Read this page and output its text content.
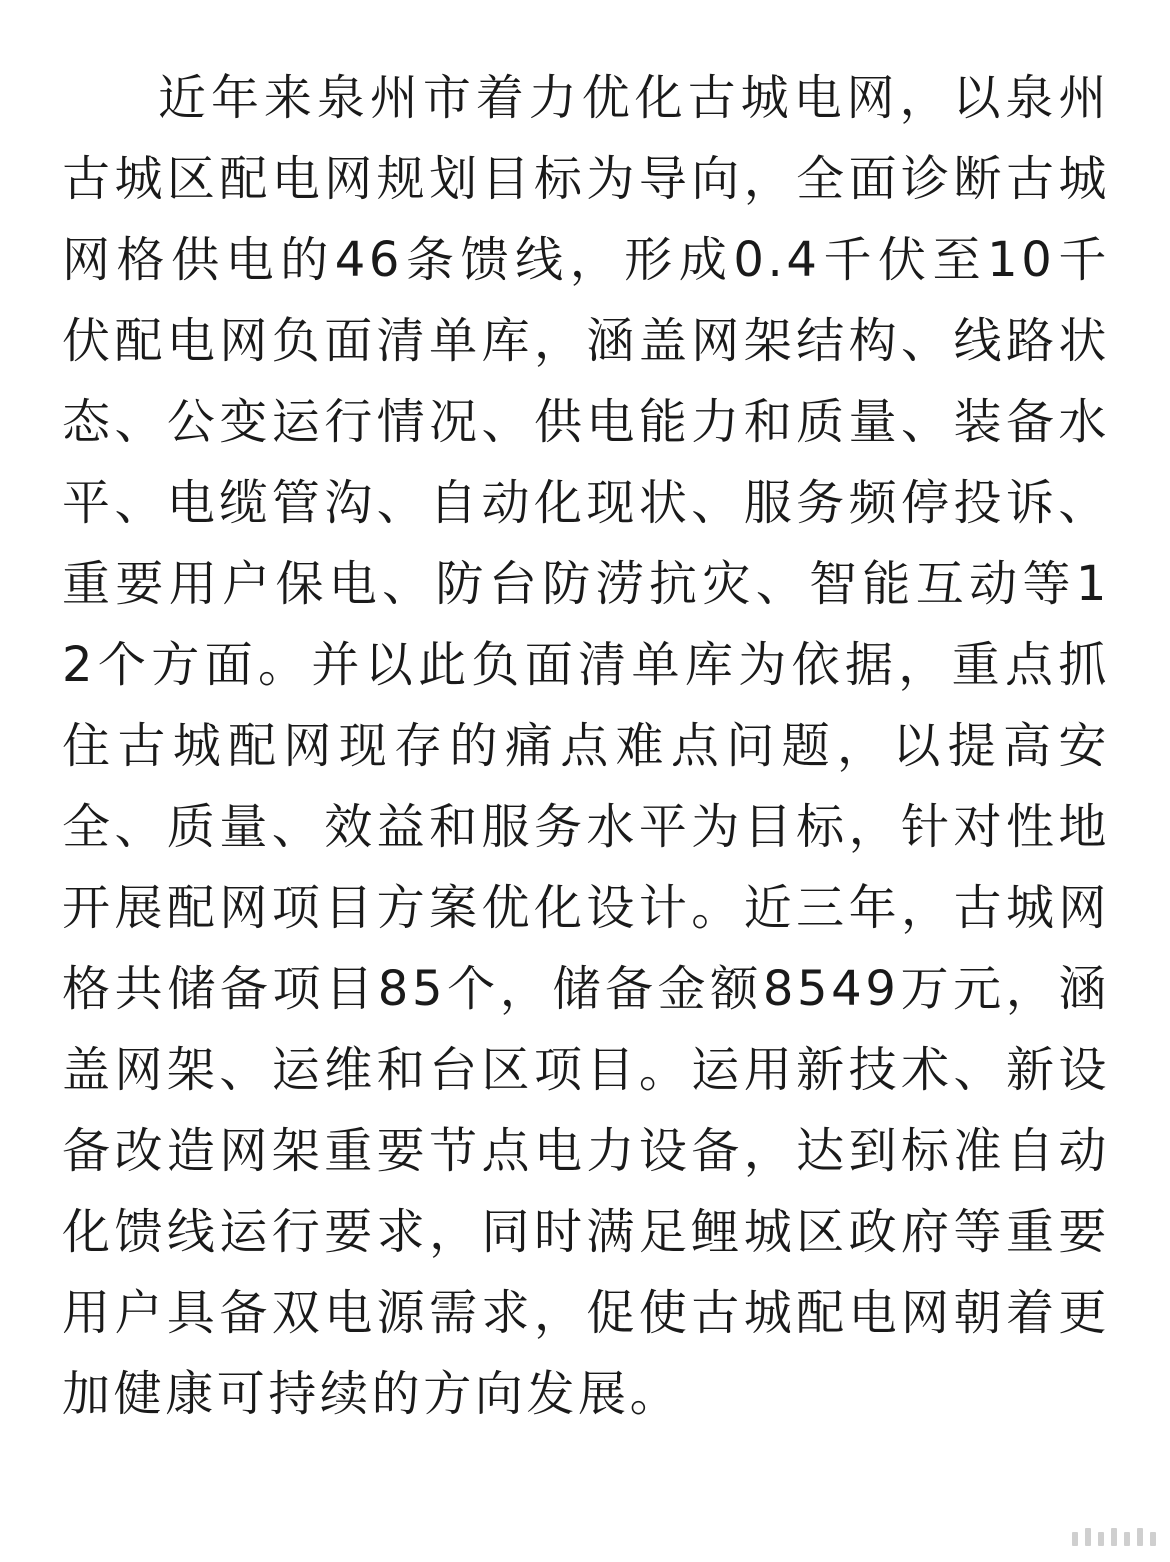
近年来泉州市着力优化古城电网，以泉州古城区配电网规划目标为导向，全面诊断古城网格供电的46条馈线，形成0.4千伏至10千伏配电网负面清单库，涵盖网架结构、线路状态、公变运行情况、供电能力和质量、装备水平、电缆管沟、自动化现状、服务频停投诉、重要用户保电、防台防涝抗灾、智能互动等12个方面。并以此负面清单库为依据，重点抓住古城配网现存的痛点难点问题，以提高安全、质量、效益和服务水平为目标，针对性地开展配网项目方案优化设计。近三年，古城网格共储备项目85个，储备金额8549万元，涵盖网架、运维和台区项目。运用新技术、新设备改造网架重要节点电力设备，达到标准自动化馈线运行要求，同时满足鲤城区政府等重要用户具备双电源需求，促使古城配电网朝着更加健康可持续的方向发展。
